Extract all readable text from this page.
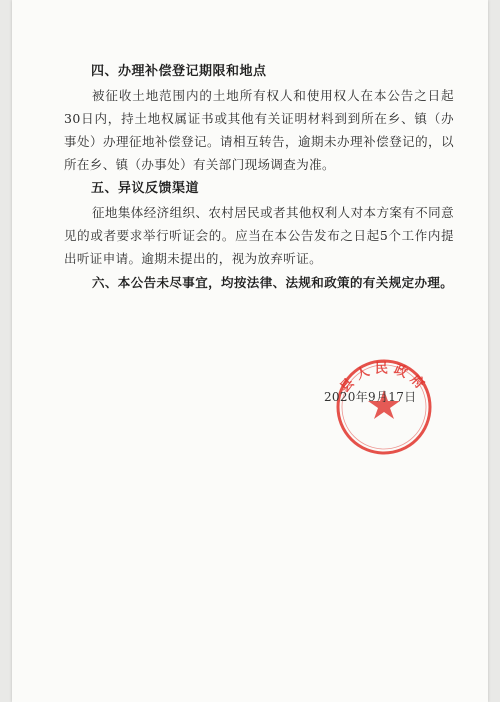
四、办理补偿登记期限和地点

被征收土地范围内的土地所有权人和使用权人在本公告之日起30日内，持土地权属证书或其他有关证明材料到到所在乡、镇（办事处）办理征地补偿登记。请相互转告，逾期未办理补偿登记的，以所在乡、镇（办事处）有关部门现场调查为准。

五、异议反馈渠道

征地集体经济组织、农村居民或者其他权利人对本方案有不同意见的或者要求举行听证会的。应当在本公告发布之日起5个工作内提出听证申请。逾期未提出的，视为放弃听证。

六、本公告未尽事宜，均按法律、法规和政策的有关规定办理。

县人民政府
2020年9月17日
